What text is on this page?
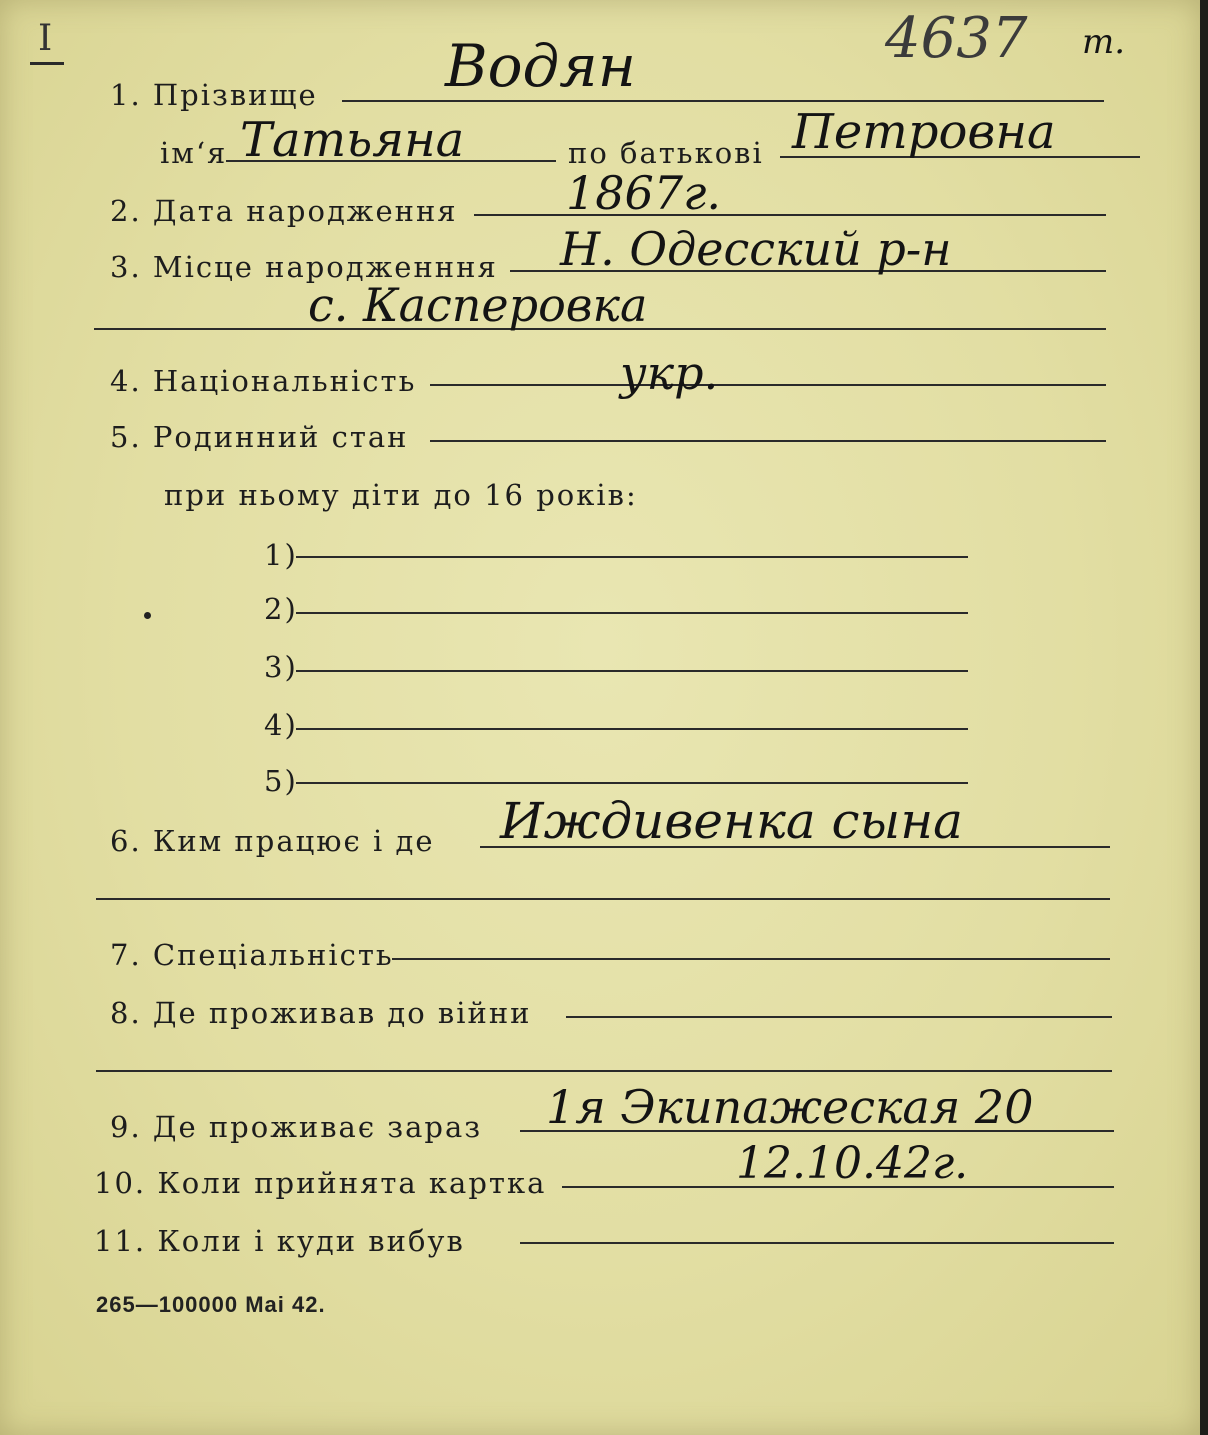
I	4637 т.
1. Прізвище Водян
ім‘я Татьяна	по батькові Петровна
2. Дата народження 1867г.
3. Місце народженння Н. Одесский р-н
с. Касперовка
4. Національність	укр.
5. Родинний стан
при ньому діти до 16 років:
1)
2)
3)
4)
5)
6. Ким працює і де Иждивенка сына
7. Спеціальність
8. Де проживав до війни
9. Де проживає зараз 1я Экипажеская 20
10. Коли прийнята картка	12.10.42г.
11. Коли і куди вибув
265—100000 Mai 42.
